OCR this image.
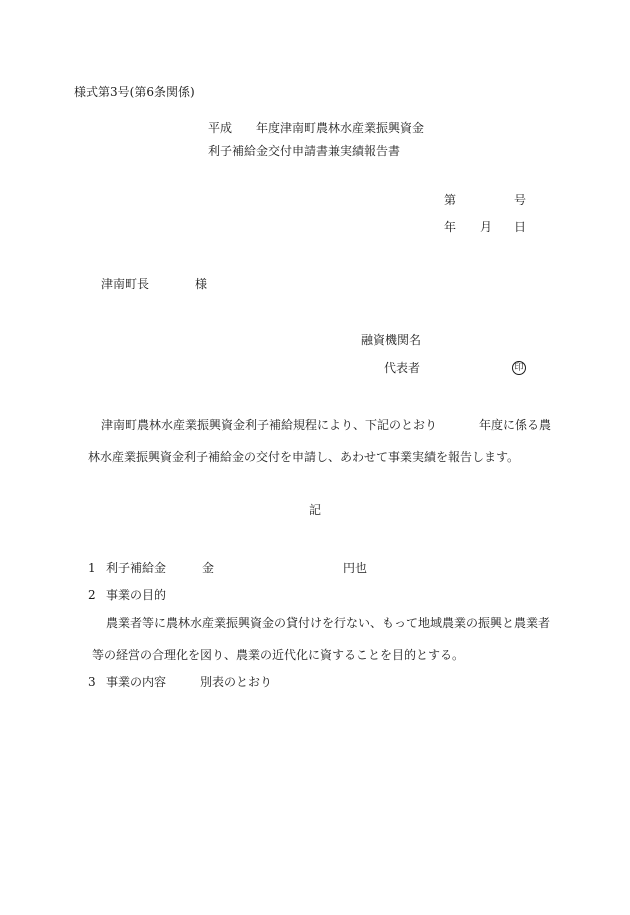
様式第3号(第6条関係)
平成 年度津南町農林水産業振興資金
利子補給金交付申請書兼実績報告書
第	号
年 月 日
津南町長	様
融資機関名
代表者	印
津南町農林水産業振興資金利子補給規程により、下記のとおり	年度に係る農
林水産業振興資金利子補給金の交付を申請し、あわせて事業実績を報告します。
記
1 利子補給金	金	円也
2 事業の目的
農業者等に農林水産業振興資金の貸付けを行ない、もって地域農業の振興と農業者
等の経営の合理化を図り、農業の近代化に資することを目的とする。
3 事業の内容	別表のとおり
